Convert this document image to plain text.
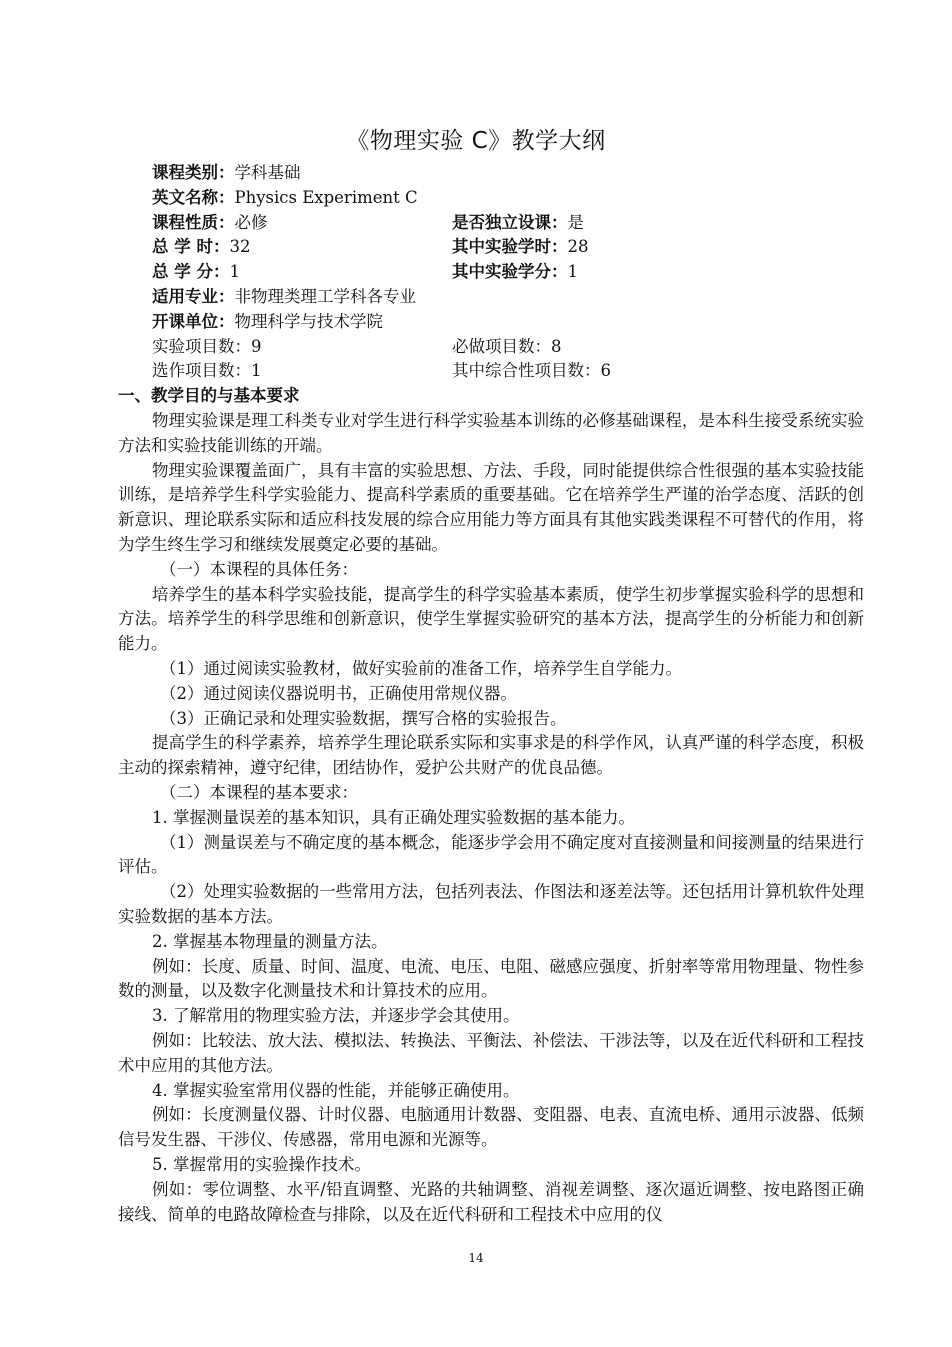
《物理实验 C》教学大纲
课程类别： 学科基础
英文名称： Physics Experiment C
课程性质：必修	是否独立设课：是
总 学 时：32	其中实验学时：28
总 学 分：1	其中实验学分：1
适用专业： 非物理类理工学科各专业
开课单位： 物理科学与技术学院
实验项目数：9	必做项目数：8
选作项目数：1	其中综合性项目数：6
一、教学目的与基本要求
物理实验课是理工科类专业对学生进行科学实验基本训练的必修基础课程，是本科生接受系统实验方法和实验技能训练的开端。
物理实验课覆盖面广，具有丰富的实验思想、方法、手段，同时能提供综合性很强的基本实验技能训练，是培养学生科学实验能力、提高科学素质的重要基础。它在培养学生严谨的治学态度、活跃的创新意识、理论联系实际和适应科技发展的综合应用能力等方面具有其他实践类课程不可替代的作用，将为学生终生学习和继续发展奠定必要的基础。
（一）本课程的具体任务：
培养学生的基本科学实验技能，提高学生的科学实验基本素质，使学生初步掌握实验科学的思想和方法。培养学生的科学思维和创新意识，使学生掌握实验研究的基本方法，提高学生的分析能力和创新能力。
（1）通过阅读实验教材，做好实验前的准备工作，培养学生自学能力。
（2）通过阅读仪器说明书，正确使用常规仪器。
（3）正确记录和处理实验数据，撰写合格的实验报告。
提高学生的科学素养，培养学生理论联系实际和实事求是的科学作风，认真严谨的科学态度，积极主动的探索精神，遵守纪律，团结协作，爱护公共财产的优良品德。
（二）本课程的基本要求：
1. 掌握测量误差的基本知识，具有正确处理实验数据的基本能力。
（1）测量误差与不确定度的基本概念，能逐步学会用不确定度对直接测量和间接测量的结果进行评估。
（2）处理实验数据的一些常用方法，包括列表法、作图法和逐差法等。还包括用计算机软件处理实验数据的基本方法。
2. 掌握基本物理量的测量方法。
例如：长度、质量、时间、温度、电流、电压、电阻、磁感应强度、折射率等常用物理量、物性参数的测量，以及数字化测量技术和计算技术的应用。
3. 了解常用的物理实验方法，并逐步学会其使用。
例如：比较法、放大法、模拟法、转换法、平衡法、补偿法、干涉法等，以及在近代科研和工程技术中应用的其他方法。
4. 掌握实验室常用仪器的性能，并能够正确使用。
例如：长度测量仪器、计时仪器、电脑通用计数器、变阻器、电表、直流电桥、通用示波器、低频信号发生器、干涉仪、传感器，常用电源和光源等。
5. 掌握常用的实验操作技术。
例如：零位调整、水平/铅直调整、光路的共轴调整、消视差调整、逐次逼近调整、按电路图正确接线、简单的电路故障检查与排除，以及在近代科研和工程技术中应用的仪
14
